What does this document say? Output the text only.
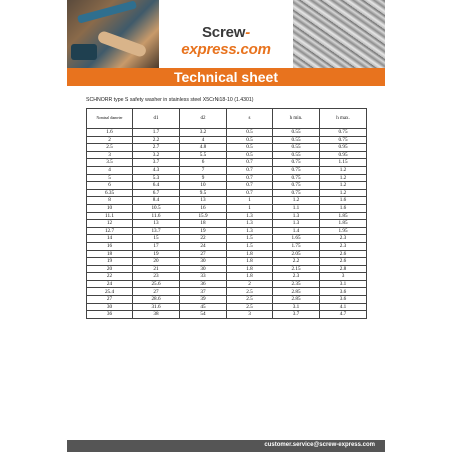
Screw-express.com
Technical sheet
SCHNORR type S safety washer in stainless steel X5CrNi18-10 (1.4301)
Nominal diameter	d1	d2	s	h min.	h max.
1.6	1.7	3.2	0.5	0.55	0.75
2	2.2	4	0.5	0.55	0.75
2.5	2.7	4.8	0.5	0.55	0.95
3	3.2	5.5	0.5	0.55	0.95
3.5	3.7	6	0.7	0.75	1.15
4	4.3	7	0.7	0.75	1.2
5	5.3	9	0.7	0.75	1.2
6	6.4	10	0.7	0.75	1.2
6.35	6.7	9.5	0.7	0.75	1.2
8	8.4	13	1	1.2	1.6
10	10.5	16	1	1.1	1.6
11.1	11.6	15.9	1.3	1.3	1.85
12	13	18	1.3	1.3	1.85
12.7	13.7	19	1.3	1.4	1.95
14	15	22	1.5	1.65	2.3
16	17	24	1.5	1.75	2.3
18	19	27	1.8	2.05	2.6
19	20	30	1.8	2.2	2.6
20	21	30	1.8	2.15	2.8
22	23	33	1.8	2.3	3
24	25.6	36	2	2.35	3.1
25.4	27	37	2.5	2.85	3.6
27	28.6	39	2.5	2.85	3.6
30	31.6	45	2.5	3.1	4.1
36	38	54	3	3.7	4.7
customer.service@screw-express.com
